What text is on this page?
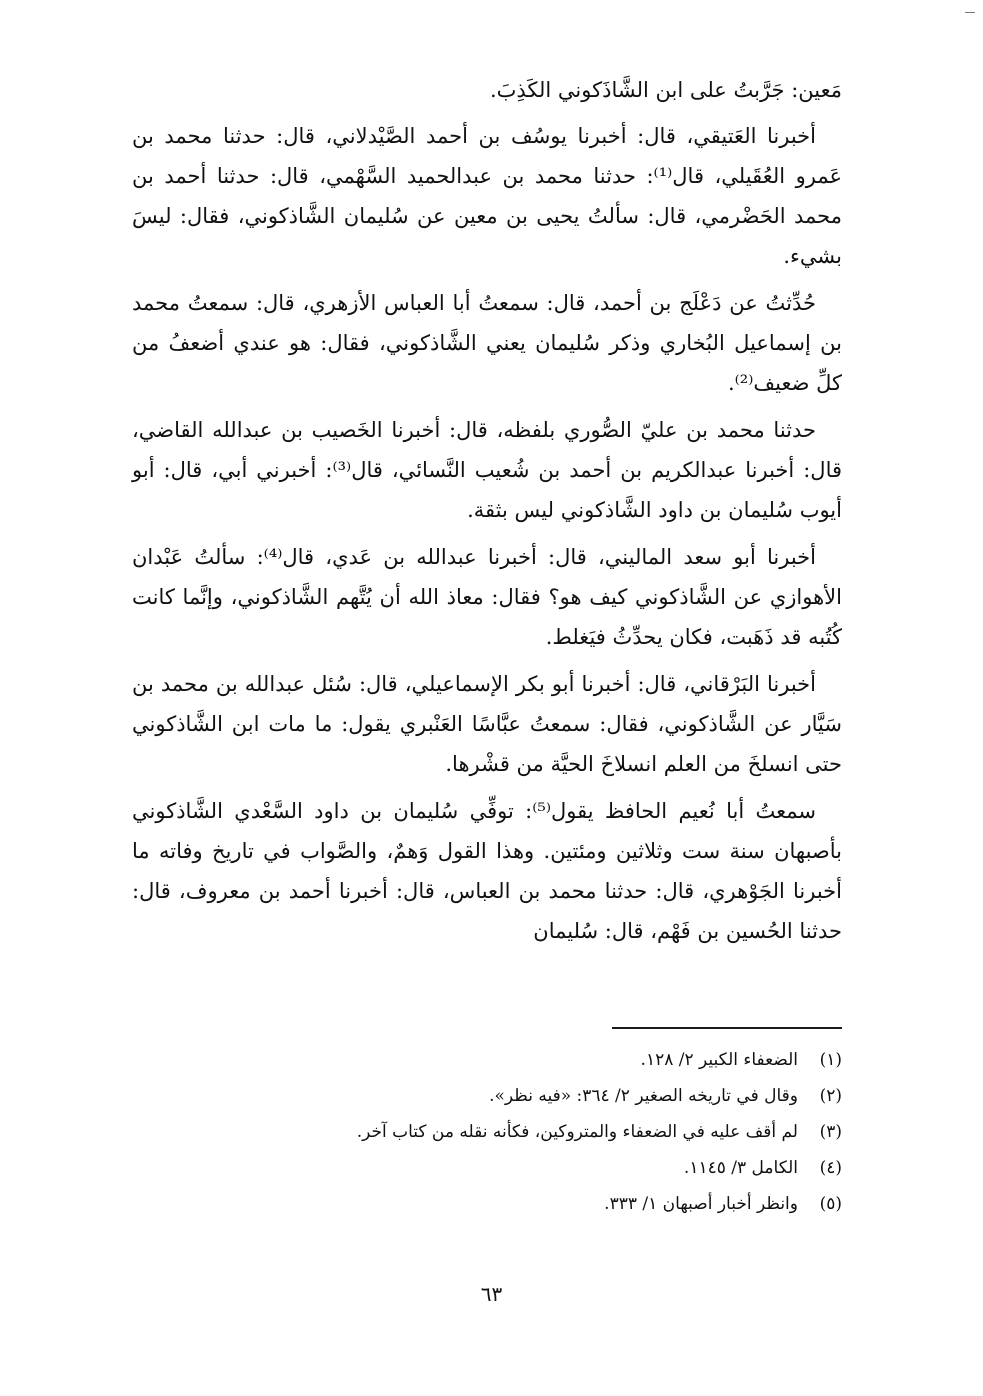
مَعين: جَرَّبتُ على ابن الشَّاذَكوني الكَذِبَ.

أخبرنا العَتيقي، قال: أخبرنا يوسُف بن أحمد الصَّيْدلاني، قال: حدثنا محمد بن عَمرو العُقَيلي، قال⁽¹⁾: حدثنا محمد بن عبدالحميد السَّهْمي، قال: حدثنا أحمد بن محمد الحَضْرمي، قال: سألتُ يحيى بن معين عن سُليمان الشَّاذكوني، فقال: ليسَ بشيء.

حُدِّثتُ عن دَعْلَج بن أحمد، قال: سمعتُ أبا العباس الأزهري، قال: سمعتُ محمد بن إسماعيل البُخاري وذكر سُليمان يعني الشَّاذكوني، فقال: هو عندي أضعفُ من كلِّ ضعيف⁽²⁾.

حدثنا محمد بن عليّ الصُّوري بلفظه، قال: أخبرنا الخَصيب بن عبدالله القاضي، قال: أخبرنا عبدالكريم بن أحمد بن شُعيب النَّسائي، قال⁽³⁾: أخبرني أبي، قال: أبو أيوب سُليمان بن داود الشَّاذكوني ليس بثقة.

أخبرنا أبو سعد الماليني، قال: أخبرنا عبدالله بن عَدي، قال⁽⁴⁾: سألتُ عَبْدان الأهوازي عن الشَّاذكوني كيف هو؟ فقال: معاذ الله أن يُتَّهم الشَّاذكوني، وإنَّما كانت كُتُبه قد ذَهَبت، فكان يحدِّثُ فيَغلط.

أخبرنا البَرْقاني، قال: أخبرنا أبو بكر الإسماعيلي، قال: سُئل عبدالله بن محمد بن سَيَّار عن الشَّاذكوني، فقال: سمعتُ عبَّاسًا العَنْبري يقول: ما مات ابن الشَّاذكوني حتى انسلخَ من العلم انسلاخَ الحيَّة من قشْرها.

سمعتُ أبا نُعيم الحافظ يقول⁽⁵⁾: توفِّي سُليمان بن داود السَّعْدي الشَّاذكوني بأصبهان سنة ست وثلاثين ومئتين. وهذا القول وَهمٌ، والصَّواب في تاريخ وفاته ما أخبرنا الجَوْهري، قال: حدثنا محمد بن العباس، قال: أخبرنا أحمد بن معروف، قال: حدثنا الحُسين بن فَهْم، قال: سُليمان

(١)
الضعفاء الكبير ٢/ ١٢٨.
(٢)
وقال في تاريخه الصغير ٢/ ٣٦٤: «فيه نظر».
(٣)
لم أقف عليه في الضعفاء والمتروكين، فكأنه نقله من كتاب آخر.
(٤)
الكامل ٣/ ١١٤٥.
(٥)
وانظر أخبار أصبهان ١/ ٣٣٣.
٦٣
